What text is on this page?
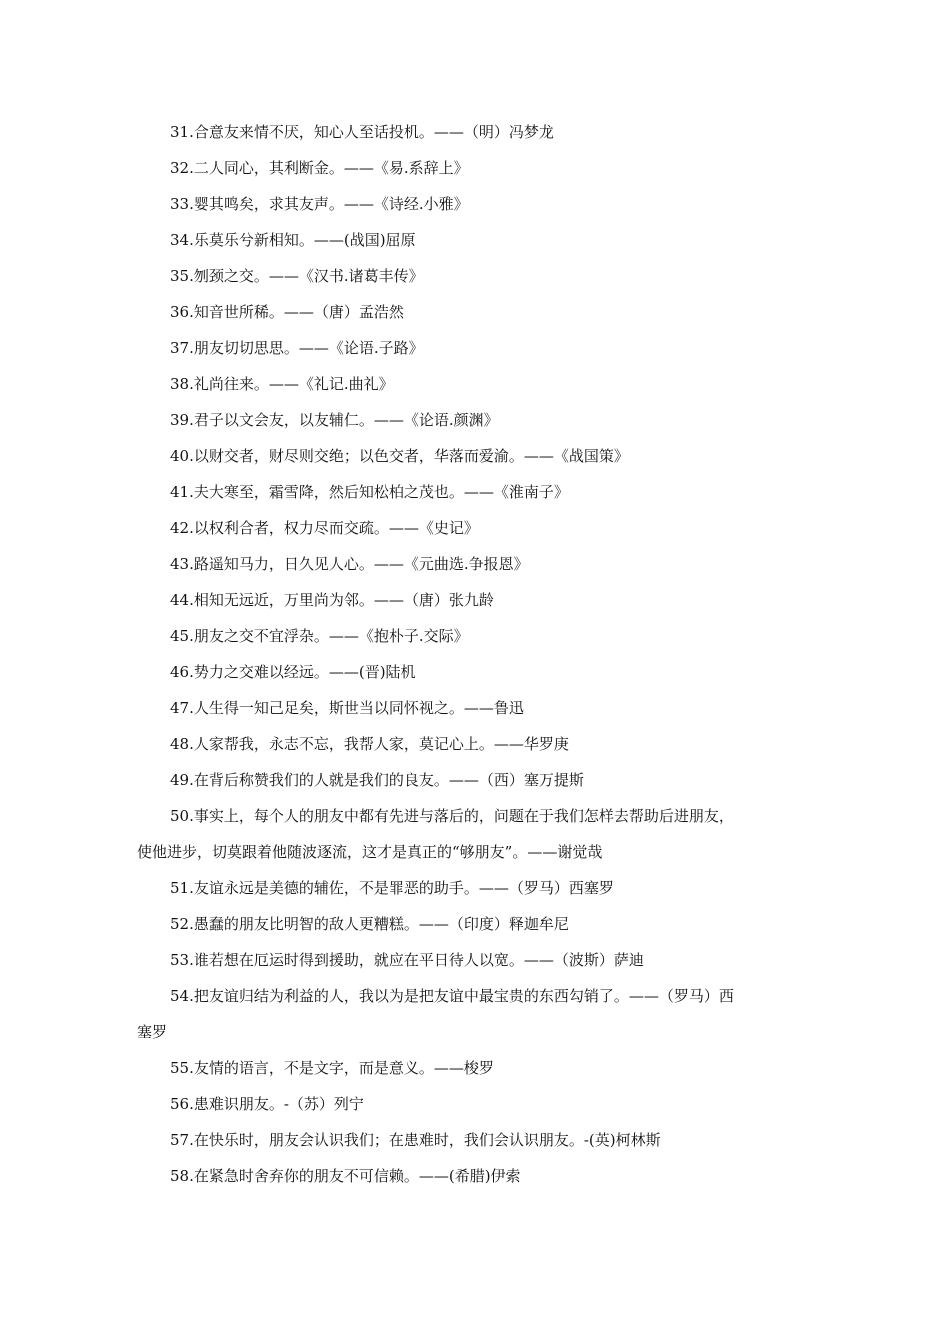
31.合意友来情不厌，知心人至话投机。——（明）冯梦龙

32.二人同心，其利断金。——《易.系辞上》

33.婴其鸣矣，求其友声。——《诗经.小雅》

34.乐莫乐兮新相知。——(战国)屈原

35.刎颈之交。——《汉书.诸葛丰传》

36.知音世所稀。——（唐）孟浩然

37.朋友切切思思。——《论语.子路》

38.礼尚往来。——《礼记.曲礼》

39.君子以文会友，以友辅仁。——《论语.颜渊》

40.以财交者，财尽则交绝；以色交者，华落而爱渝。——《战国策》

41.夫大寒至，霜雪降，然后知松柏之茂也。——《淮南子》

42.以权利合者，权力尽而交疏。——《史记》

43.路遥知马力，日久见人心。——《元曲选.争报恩》

44.相知无远近，万里尚为邻。——（唐）张九龄

45.朋友之交不宜浮杂。——《抱朴子.交际》

46.势力之交难以经远。——(晋)陆机

47.人生得一知己足矣，斯世当以同怀视之。——鲁迅

48.人家帮我，永志不忘，我帮人家，莫记心上。——华罗庚

49.在背后称赞我们的人就是我们的良友。——（西）塞万提斯

50.事实上，每个人的朋友中都有先进与落后的，问题在于我们怎样去帮助后进朋友，
使他进步，切莫跟着他随波逐流，这才是真正的“够朋友”。——谢觉哉

51.友谊永远是美德的辅佐，不是罪恶的助手。——（罗马）西塞罗

52.愚蠢的朋友比明智的敌人更糟糕。——（印度）释迦牟尼

53.谁若想在厄运时得到援助，就应在平日待人以宽。——（波斯）萨迪

54.把友谊归结为利益的人，我以为是把友谊中最宝贵的东西勾销了。——（罗马）西
塞罗

55.友情的语言，不是文字，而是意义。——梭罗

56.患难识朋友。-（苏）列宁

57.在快乐时，朋友会认识我们；在患难时，我们会认识朋友。-(英)柯林斯

58.在紧急时舍弃你的朋友不可信赖。——(希腊)伊索
